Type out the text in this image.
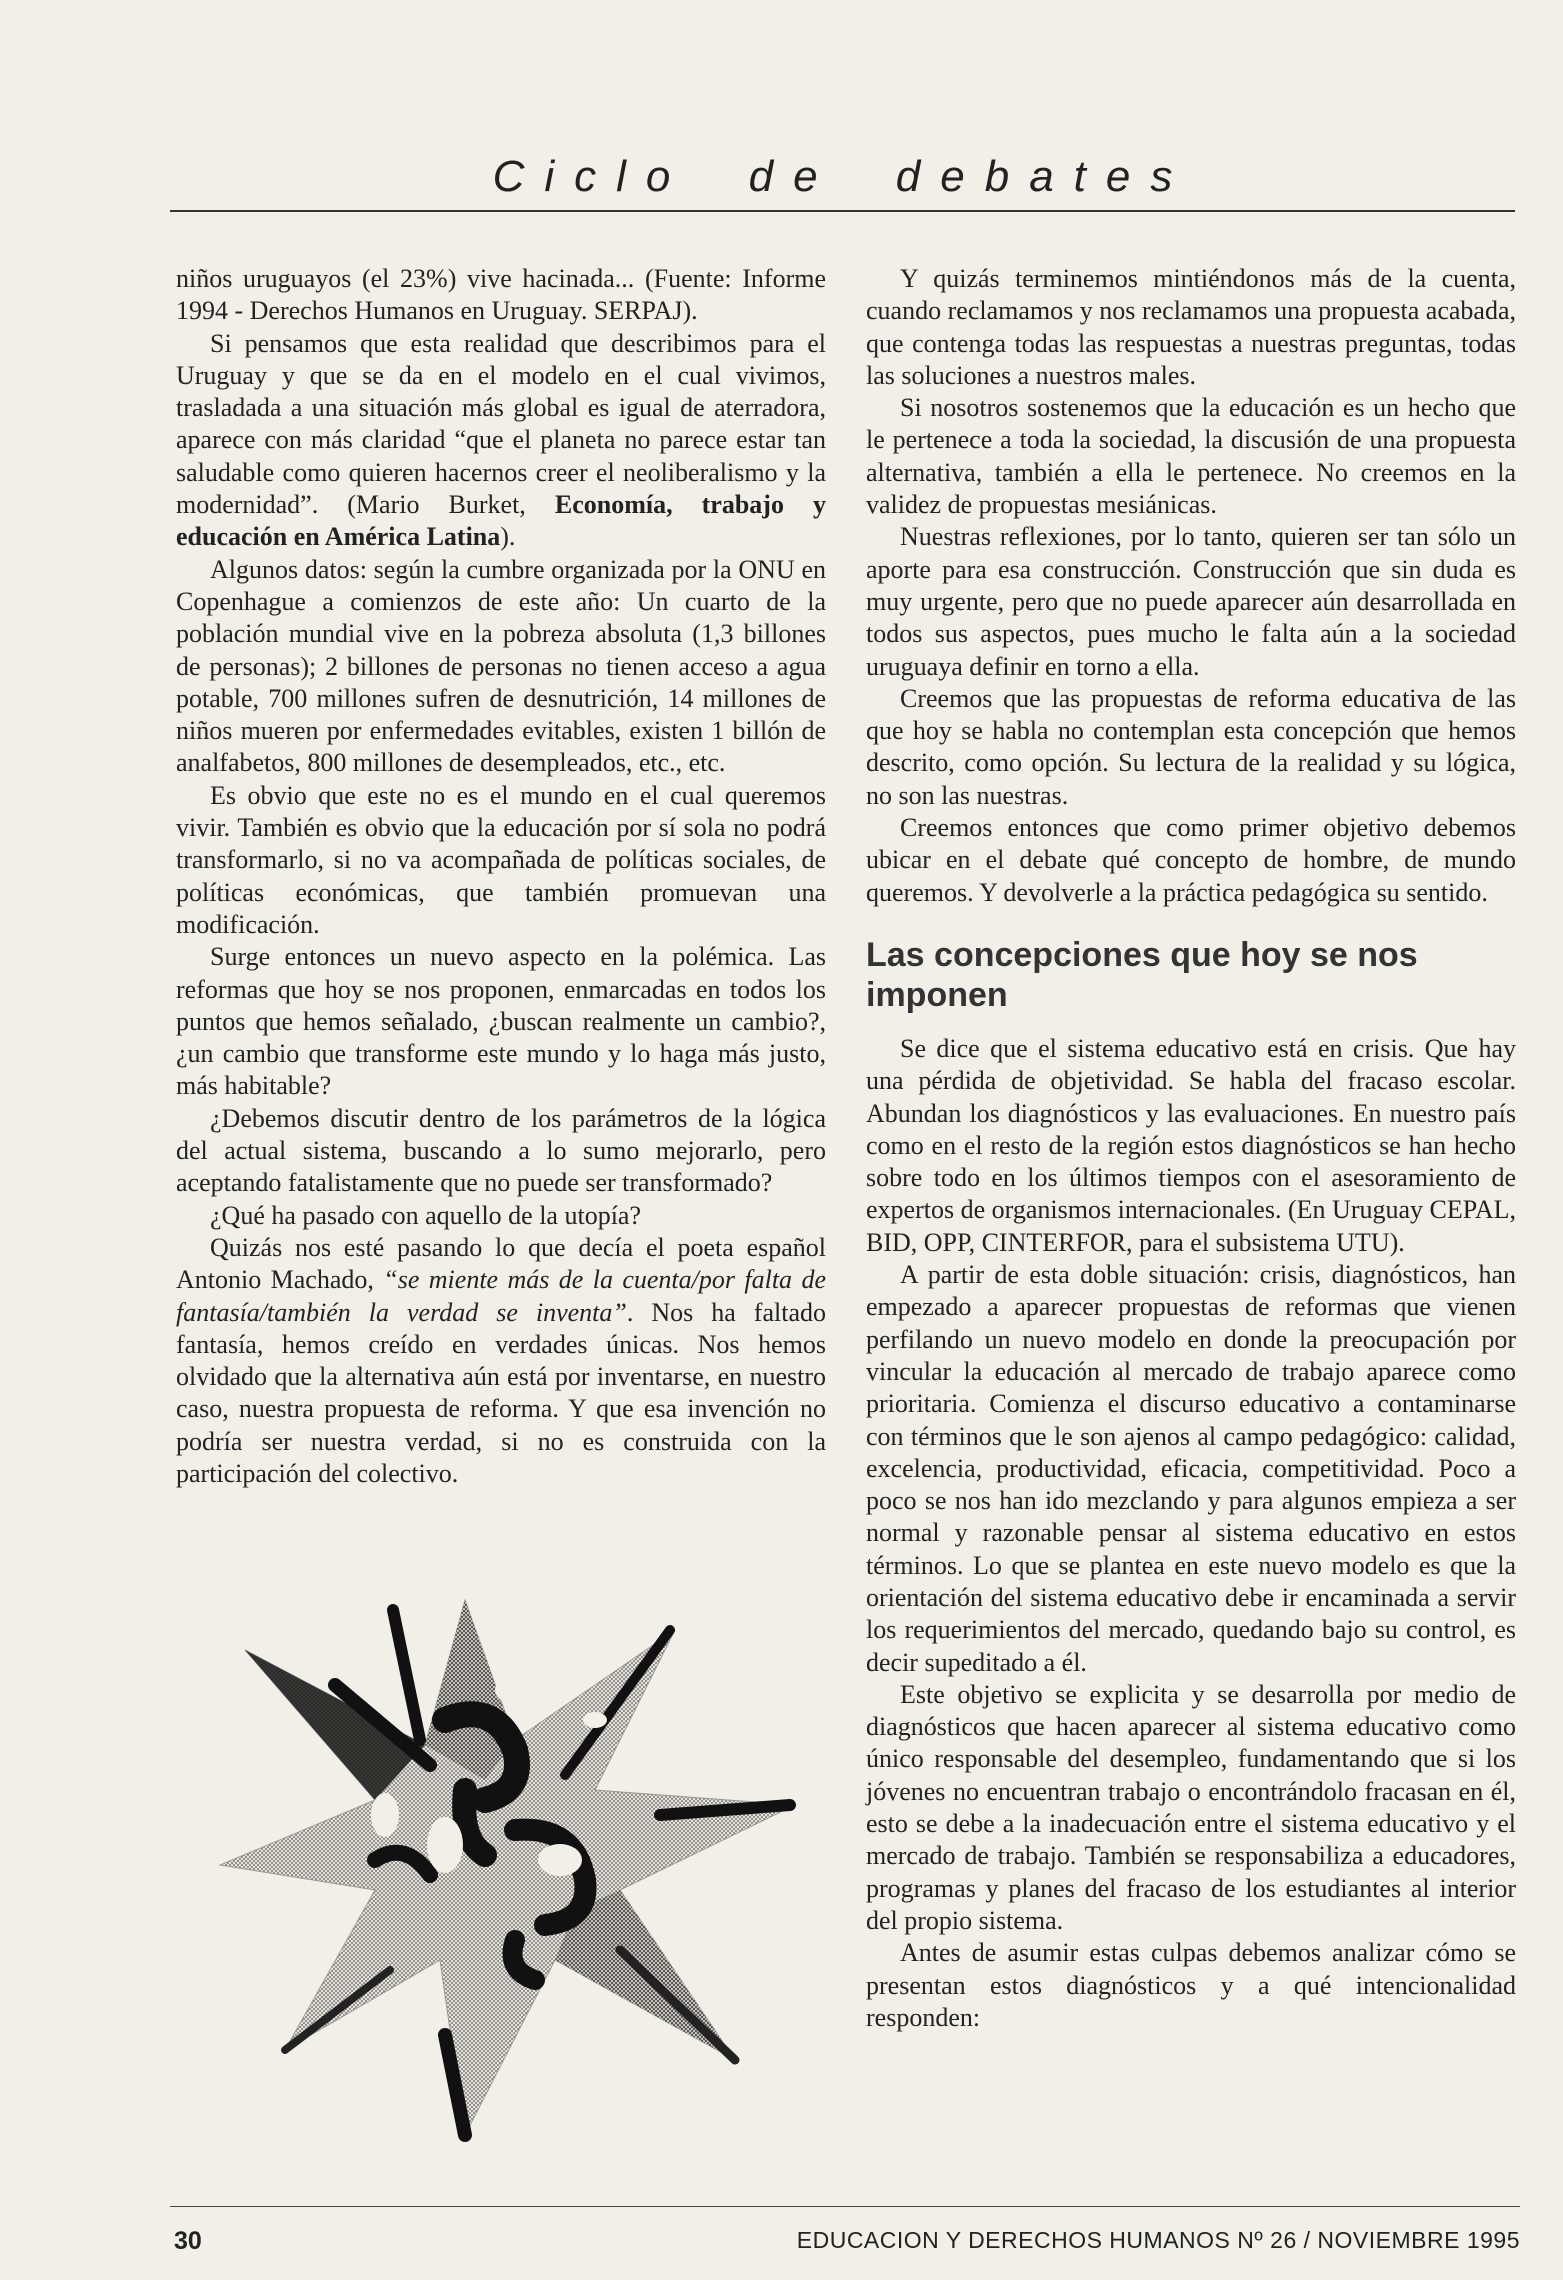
Ciclo de debates

niños uruguayos (el 23%) vive hacinada... (Fuente: Informe 1994 - Derechos Humanos en Uruguay. SERPAJ).

Si pensamos que esta realidad que describimos para el Uruguay y que se da en el modelo en el cual vivimos, trasladada a una situación más global es igual de aterradora, aparece con más claridad “que el planeta no parece estar tan saludable como quieren hacernos creer el neoliberalismo y la modernidad”. (Mario Burket, Economía, trabajo y educación en América Latina).

Algunos datos: según la cumbre organizada por la ONU en Copenhague a comienzos de este año: Un cuarto de la población mundial vive en la pobreza absoluta (1,3 billones de personas); 2 billones de personas no tienen acceso a agua potable, 700 millones sufren de desnutrición, 14 millones de niños mueren por enfermedades evitables, existen 1 billón de analfabetos, 800 millones de desempleados, etc., etc.

Es obvio que este no es el mundo en el cual queremos vivir. También es obvio que la educación por sí sola no podrá transformarlo, si no va acompañada de políticas sociales, de políticas económicas, que también promuevan una modificación.

Surge entonces un nuevo aspecto en la polémica. Las reformas que hoy se nos proponen, enmarcadas en todos los puntos que hemos señalado, ¿buscan realmente un cambio?, ¿un cambio que transforme este mundo y lo haga más justo, más habitable?

¿Debemos discutir dentro de los parámetros de la lógica del actual sistema, buscando a lo sumo mejorarlo, pero aceptando fatalistamente que no puede ser transformado?

¿Qué ha pasado con aquello de la utopía?

Quizás nos esté pasando lo que decía el poeta español Antonio Machado, “se miente más de la cuenta/por falta de fantasía/también la verdad se inventa”. Nos ha faltado fantasía, hemos creído en verdades únicas. Nos hemos olvidado que la alternativa aún está por inventarse, en nuestro caso, nuestra propuesta de reforma. Y que esa invención no podría ser nuestra verdad, si no es construida con la participación del colectivo.

Y quizás terminemos mintiéndonos más de la cuenta, cuando reclamamos y nos reclamamos una propuesta acabada, que contenga todas las respuestas a nuestras preguntas, todas las soluciones a nuestros males.

Si nosotros sostenemos que la educación es un hecho que le pertenece a toda la sociedad, la discusión de una propuesta alternativa, también a ella le pertenece. No creemos en la validez de propuestas mesiánicas.

Nuestras reflexiones, por lo tanto, quieren ser tan sólo un aporte para esa construcción. Construcción que sin duda es muy urgente, pero que no puede aparecer aún desarrollada en todos sus aspectos, pues mucho le falta aún a la sociedad uruguaya definir en torno a ella.

Creemos que las propuestas de reforma educativa de las que hoy se habla no contemplan esta concepción que hemos descrito, como opción. Su lectura de la realidad y su lógica, no son las nuestras.

Creemos entonces que como primer objetivo debemos ubicar en el debate qué concepto de hombre, de mundo queremos. Y devolverle a la práctica pedagógica su sentido.

Las concepciones que hoy se nos imponen

Se dice que el sistema educativo está en crisis. Que hay una pérdida de objetividad. Se habla del fracaso escolar. Abundan los diagnósticos y las evaluaciones. En nuestro país como en el resto de la región estos diagnósticos se han hecho sobre todo en los últimos tiempos con el asesoramiento de expertos de organismos internacionales. (En Uruguay CEPAL, BID, OPP, CINTERFOR, para el subsistema UTU).

A partir de esta doble situación: crisis, diagnósticos, han empezado a aparecer propuestas de reformas que vienen perfilando un nuevo modelo en donde la preocupación por vincular la educación al mercado de trabajo aparece como prioritaria. Comienza el discurso educativo a contaminarse con términos que le son ajenos al campo pedagógico: calidad, excelencia, productividad, eficacia, competitividad. Poco a poco se nos han ido mezclando y para algunos empieza a ser normal y razonable pensar al sistema educativo en estos términos. Lo que se plantea en este nuevo modelo es que la orientación del sistema educativo debe ir encaminada a servir los requerimientos del mercado, quedando bajo su control, es decir supeditado a él.

Este objetivo se explicita y se desarrolla por medio de diagnósticos que hacen aparecer al sistema educativo como único responsable del desempleo, fundamentando que si los jóvenes no encuentran trabajo o encontrándolo fracasan en él, esto se debe a la inadecuación entre el sistema educativo y el mercado de trabajo. También se responsabiliza a educadores, programas y planes del fracaso de los estudiantes al interior del propio sistema.

Antes de asumir estas culpas debemos analizar cómo se presentan estos diagnósticos y a qué intencionalidad responden:

30	EDUCACION Y DERECHOS HUMANOS Nº 26 / NOVIEMBRE 1995
